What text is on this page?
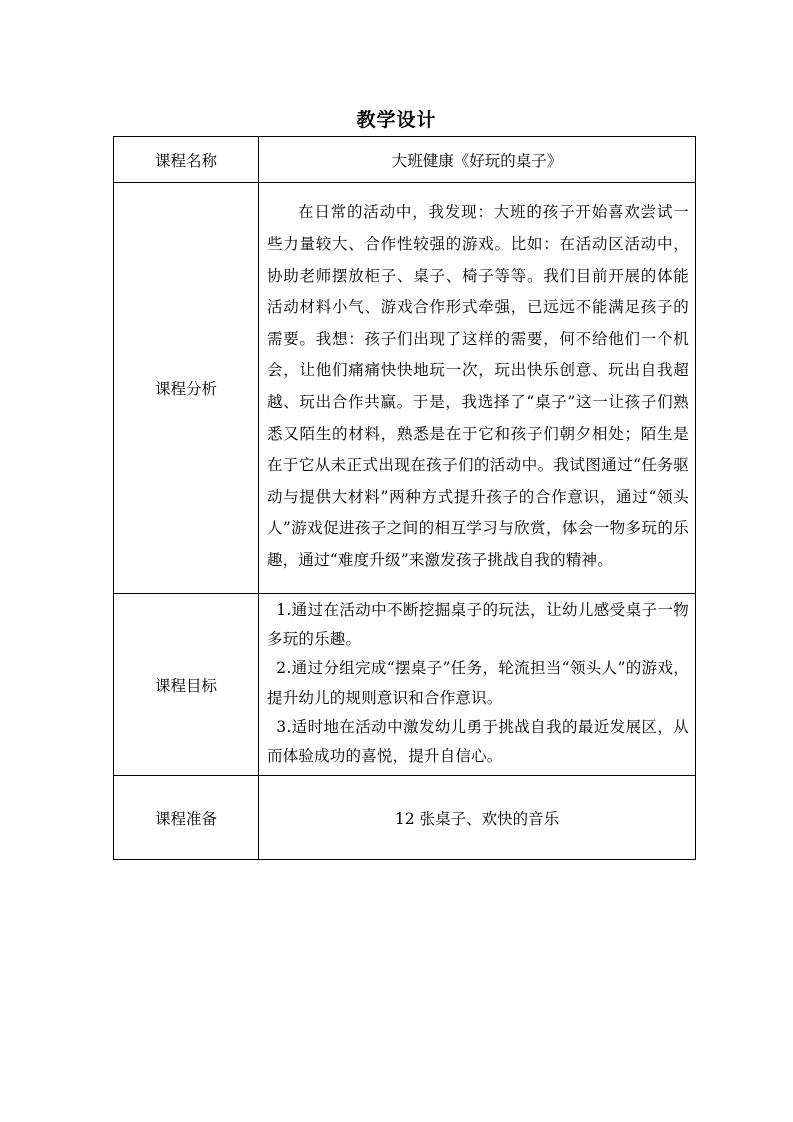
教学设计
课程名称	大班健康《好玩的桌子》
课程分析	在日常的活动中，我发现：大班的孩子开始喜欢尝试一些力量较大、合作性较强的游戏。比如：在活动区活动中，协助老师摆放柜子、桌子、椅子等等。我们目前开展的体能活动材料小气、游戏合作形式牵强，已远远不能满足孩子的需要。我想：孩子们出现了这样的需要，何不给他们一个机会，让他们痛痛快快地玩一次，玩出快乐创意、玩出自我超越、玩出合作共赢。于是，我选择了“桌子”这一让孩子们熟悉又陌生的材料，熟悉是在于它和孩子们朝夕相处；陌生是在于它从未正式出现在孩子们的活动中。我试图通过“任务驱动与提供大材料”两种方式提升孩子的合作意识，通过“领头人”游戏促进孩子之间的相互学习与欣赏，体会一物多玩的乐趣，通过“难度升级”来激发孩子挑战自我的精神。

课程目标	1.通过在活动中不断挖掘桌子的玩法，让幼儿感受桌子一物多玩的乐趣。
2.通过分组完成“摆桌子”任务，轮流担当“领头人”的游戏，提升幼儿的规则意识和合作意识。
3.适时地在活动中激发幼儿勇于挑战自我的最近发展区，从而体验成功的喜悦，提升自信心。

课程准备	12 张桌子、欢快的音乐
